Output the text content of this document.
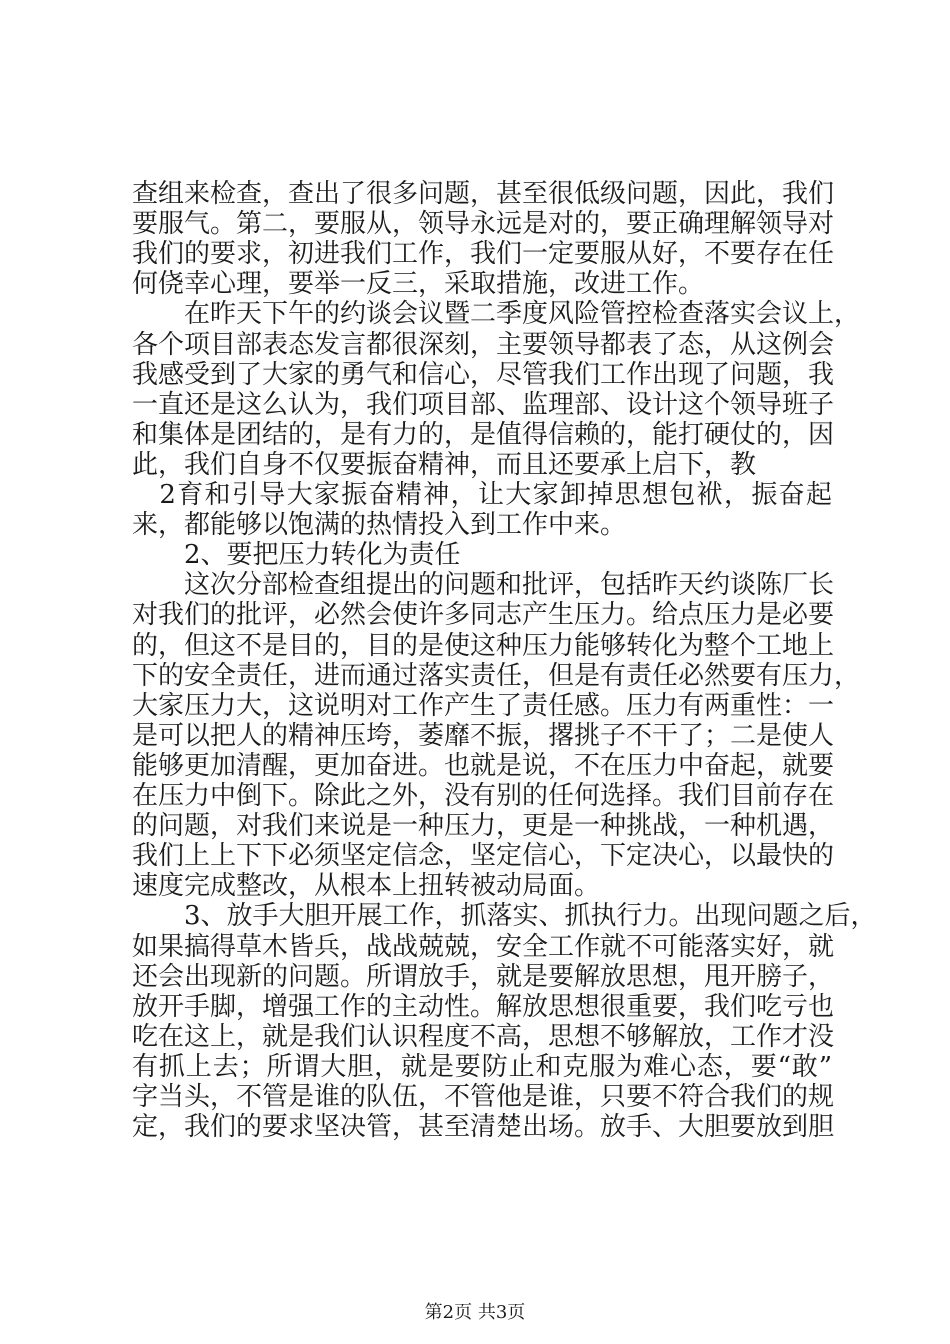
查组来检查，查出了很多问题，甚至很低级问题，因此，我们
要服气。第二，要服从，领导永远是对的，要正确理解领导对
我们的要求，初进我们工作，我们一定要服从好，不要存在任
何侥幸心理，要举一反三，采取措施，改进工作。
　　在昨天下午的约谈会议暨二季度风险管控检查落实会议上，
各个项目部表态发言都很深刻，主要领导都表了态，从这例会
我感受到了大家的勇气和信心，尽管我们工作出现了问题，我
一直还是这么认为，我们项目部、监理部、设计这个领导班子
和集体是团结的，是有力的，是值得信赖的，能打硬仗的，因
此，我们自身不仅要振奋精神，而且还要承上启下，教
　2育和引导大家振奋精神，让大家卸掉思想包袱，振奋起
来，都能够以饱满的热情投入到工作中来。
　　2、要把压力转化为责任
　　这次分部检查组提出的问题和批评，包括昨天约谈陈厂长
对我们的批评，必然会使许多同志产生压力。给点压力是必要
的，但这不是目的，目的是使这种压力能够转化为整个工地上
下的安全责任，进而通过落实责任，但是有责任必然要有压力，
大家压力大，这说明对工作产生了责任感。压力有两重性：一
是可以把人的精神压垮，萎靡不振，撂挑子不干了；二是使人
能够更加清醒，更加奋进。也就是说，不在压力中奋起，就要
在压力中倒下。除此之外，没有别的任何选择。我们目前存在
的问题，对我们来说是一种压力，更是一种挑战，一种机遇，
我们上上下下必须坚定信念，坚定信心，下定决心，以最快的
速度完成整改，从根本上扭转被动局面。
　　3、放手大胆开展工作，抓落实、抓执行力。出现问题之后，
如果搞得草木皆兵，战战兢兢，安全工作就不可能落实好，就
还会出现新的问题。所谓放手，就是要解放思想，甩开膀子，
放开手脚，增强工作的主动性。解放思想很重要，我们吃亏也
吃在这上，就是我们认识程度不高，思想不够解放，工作才没
有抓上去；所谓大胆，就是要防止和克服为难心态，要“敢”
字当头，不管是谁的队伍，不管他是谁，只要不符合我们的规
定，我们的要求坚决管，甚至清楚出场。放手、大胆要放到胆
第2页 共3页
